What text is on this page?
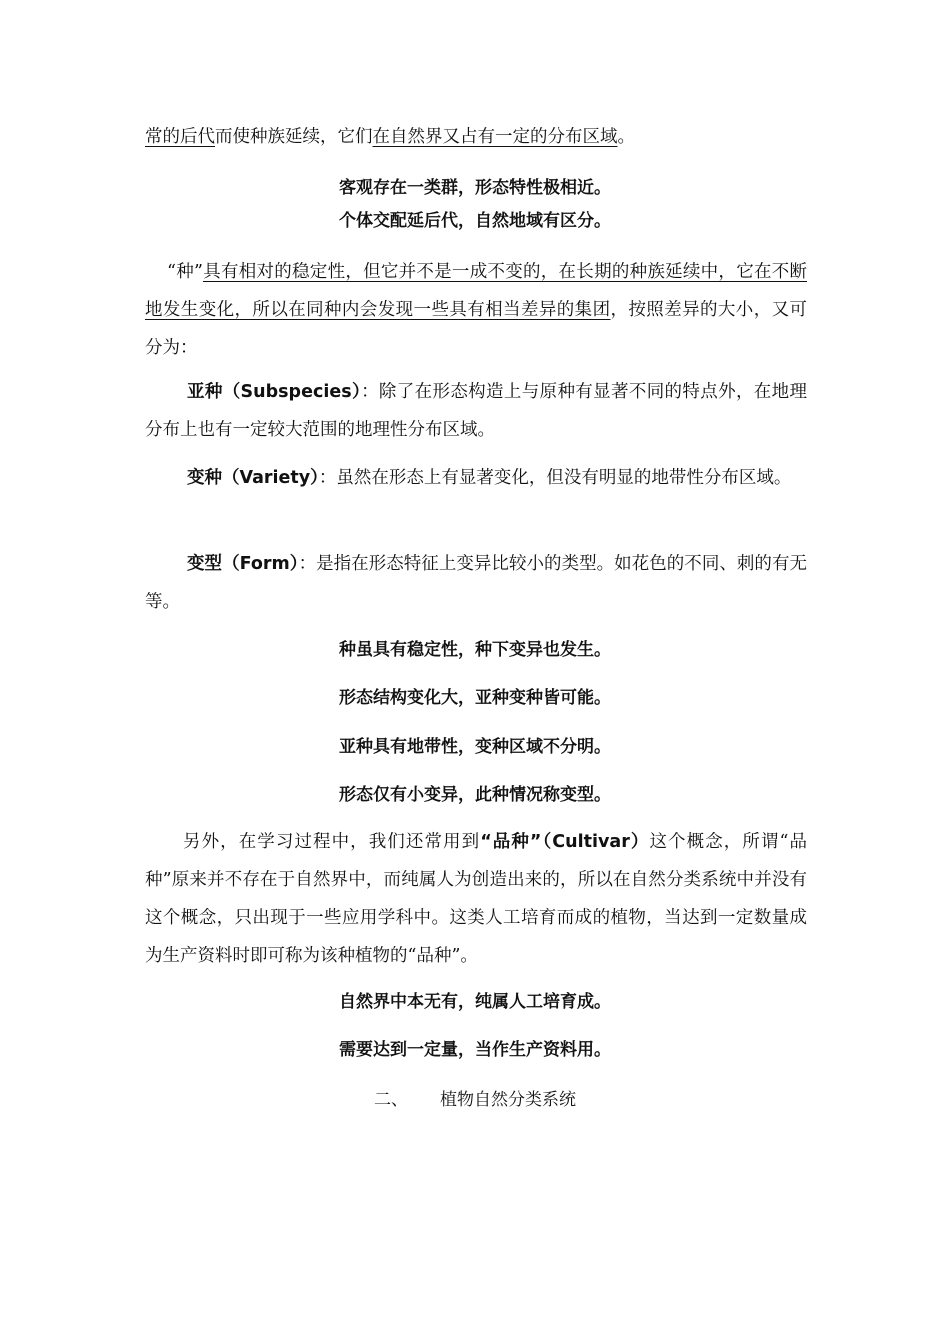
常的后代而使种族延续，它们在自然界又占有一定的分布区域。

客观存在一类群，形态特性极相近。
个体交配延后代，自然地域有区分。

“种”具有相对的稳定性，但它并不是一成不变的，在长期的种族延续中，它在不断地发生变化，所以在同种内会发现一些具有相当差异的集团，按照差异的大小，又可分为：

亚种（Subspecies）：除了在形态构造上与原种有显著不同的特点外，在地理分布上也有一定较大范围的地理性分布区域。

变种（Variety）：虽然在形态上有显著变化，但没有明显的地带性分布区域。

变型（Form）：是指在形态特征上变异比较小的类型。如花色的不同、刺的有无等。

种虽具有稳定性，种下变异也发生。
形态结构变化大，亚种变种皆可能。
亚种具有地带性，变种区域不分明。
形态仅有小变异，此种情况称变型。

另外，在学习过程中，我们还常用到“品种”（Cultivar）这个概念，所谓“品种”原来并不存在于自然界中，而纯属人为创造出来的，所以在自然分类系统中并没有这个概念，只出现于一些应用学科中。这类人工培育而成的植物，当达到一定数量成为生产资料时即可称为该种植物的“品种”。

自然界中本无有，纯属人工培育成。
需要达到一定量，当作生产资料用。
二、 植物自然分类系统
